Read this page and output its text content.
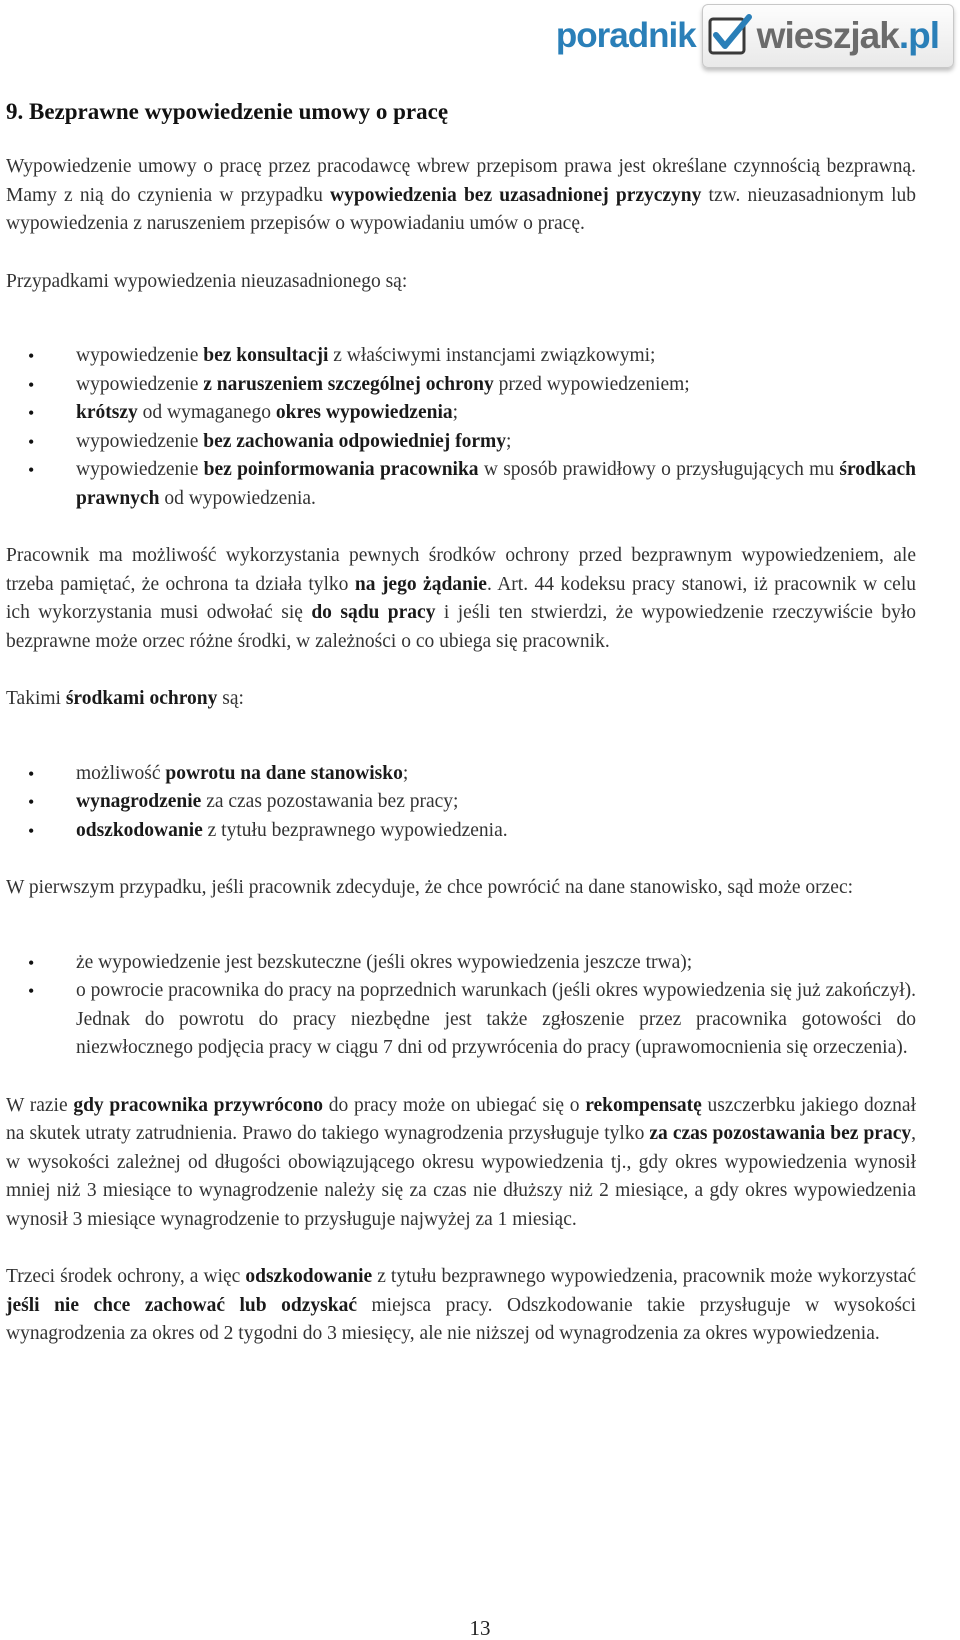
poradnik wieszjak.pl
9. Bezprawne wypowiedzenie umowy o pracę

Wypowiedzenie umowy o pracę przez pracodawcę wbrew przepisom prawa jest określane czynnością bezprawną. Mamy z nią do czynienia w przypadku wypowiedzenia bez uzasadnionej przyczyny tzw. nieuzasadnionym lub wypowiedzenia z naruszeniem przepisów o wypowiadaniu umów o pracę.

Przypadkami wypowiedzenia nieuzasadnionego są:

• wypowiedzenie bez konsultacji z właściwymi instancjami związkowymi;
• wypowiedzenie z naruszeniem szczególnej ochrony przed wypowiedzeniem;
• krótszy od wymaganego okres wypowiedzenia;
• wypowiedzenie bez zachowania odpowiedniej formy;
• wypowiedzenie bez poinformowania pracownika w sposób prawidłowy o przysługujących mu środkach prawnych od wypowiedzenia.

Pracownik ma możliwość wykorzystania pewnych środków ochrony przed bezprawnym wypowiedzeniem, ale trzeba pamiętać, że ochrona ta działa tylko na jego żądanie. Art. 44 kodeksu pracy stanowi, iż pracownik w celu ich wykorzystania musi odwołać się do sądu pracy i jeśli ten stwierdzi, że wypowiedzenie rzeczywiście było bezprawne może orzec różne środki, w zależności o co ubiega się pracownik.

Takimi środkami ochrony są:

• możliwość powrotu na dane stanowisko;
• wynagrodzenie za czas pozostawania bez pracy;
• odszkodowanie z tytułu bezprawnego wypowiedzenia.

W pierwszym przypadku, jeśli pracownik zdecyduje, że chce powrócić na dane stanowisko, sąd może orzec:

• że wypowiedzenie jest bezskuteczne (jeśli okres wypowiedzenia jeszcze trwa);
• o powrocie pracownika do pracy na poprzednich warunkach (jeśli okres wypowiedzenia się już zakończył). Jednak do powrotu do pracy niezbędne jest także zgłoszenie przez pracownika gotowości do niezwłocznego podjęcia pracy w ciągu 7 dni od przywrócenia do pracy (uprawomocnienia się orzeczenia).

W razie gdy pracownika przywrócono do pracy może on ubiegać się o rekompensatę uszczerbku jakiego doznał na skutek utraty zatrudnienia. Prawo do takiego wynagrodzenia przysługuje tylko za czas pozostawania bez pracy, w wysokości zależnej od długości obowiązującego okresu wypowiedzenia tj., gdy okres wypowiedzenia wynosił mniej niż 3 miesiące to wynagrodzenie należy się za czas nie dłuższy niż 2 miesiące, a gdy okres wypowiedzenia wynosił 3 miesiące wynagrodzenie to przysługuje najwyżej za 1 miesiąc.

Trzeci środek ochrony, a więc odszkodowanie z tytułu bezprawnego wypowiedzenia, pracownik może wykorzystać jeśli nie chce zachować lub odzyskać miejsca pracy. Odszkodowanie takie przysługuje w wysokości wynagrodzenia za okres od 2 tygodni do 3 miesięcy, ale nie niższej od wynagrodzenia za okres wypowiedzenia.

13
